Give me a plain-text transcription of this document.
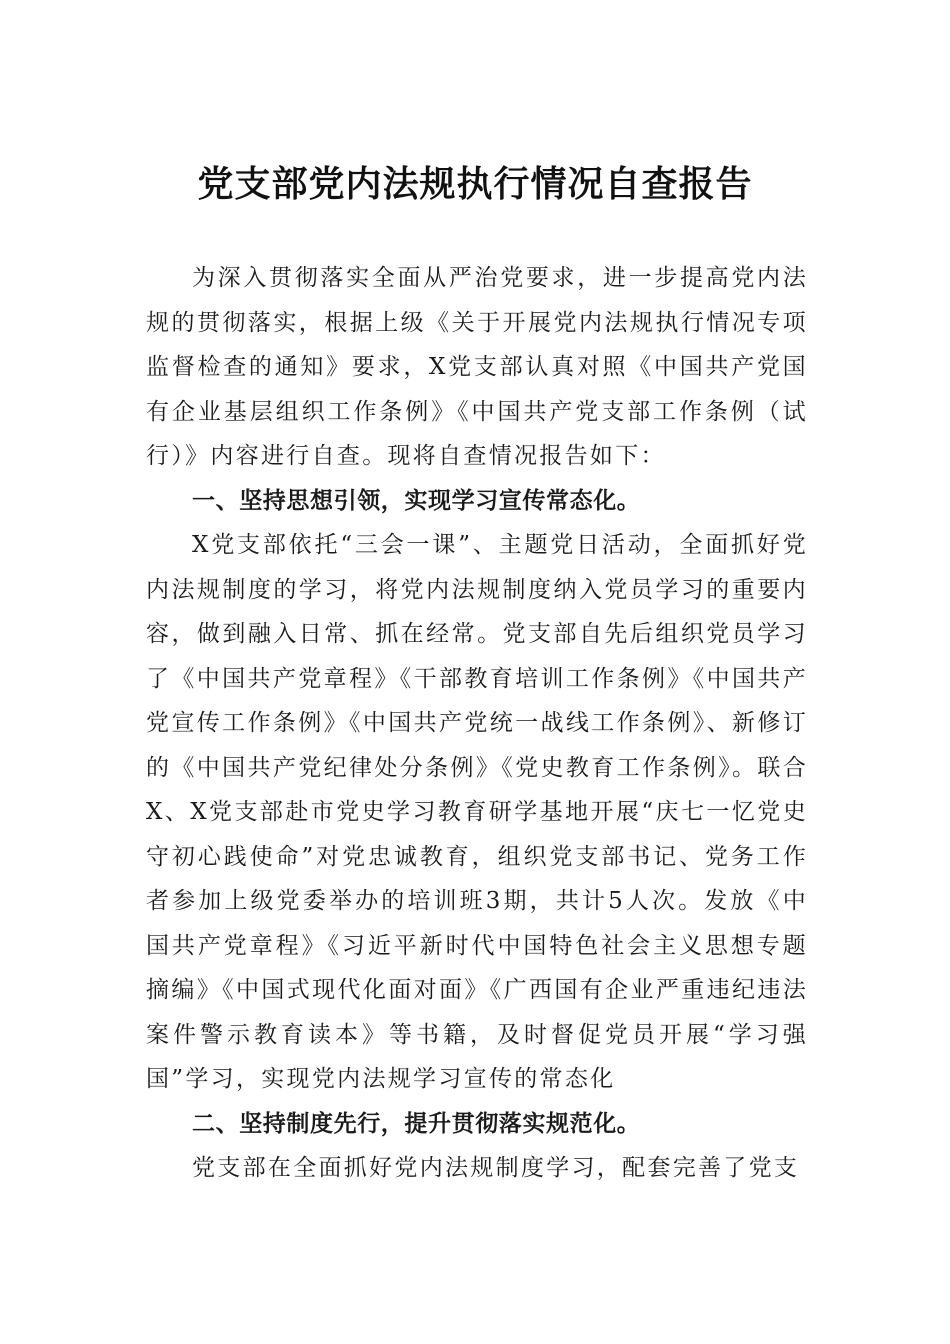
党支部党内法规执行情况自查报告

为深入贯彻落实全面从严治党要求，进一步提高党内法规的贯彻落实，根据上级《关于开展党内法规执行情况专项监督检查的通知》要求，X党支部认真对照《中国共产党国有企业基层组织工作条例》《中国共产党支部工作条例（试行）》内容进行自查。现将自查情况报告如下：

一、坚持思想引领，实现学习宣传常态化。

X党支部依托“三会一课”、主题党日活动，全面抓好党内法规制度的学习，将党内法规制度纳入党员学习的重要内容，做到融入日常、抓在经常。党支部自先后组织党员学习了《中国共产党章程》《干部教育培训工作条例》《中国共产党宣传工作条例》《中国共产党统一战线工作条例》、新修订的《中国共产党纪律处分条例》《党史教育工作条例》。联合X、X党支部赴市党史学习教育研学基地开展“庆七一忆党史守初心践使命”对党忠诚教育，组织党支部书记、党务工作者参加上级党委举办的培训班3期，共计5人次。发放《中国共产党章程》《习近平新时代中国特色社会主义思想专题摘编》《中国式现代化面对面》《广西国有企业严重违纪违法案件警示教育读本》等书籍，及时督促党员开展“学习强国”学习，实现党内法规学习宣传的常态化

二、坚持制度先行，提升贯彻落实规范化。

党支部在全面抓好党内法规制度学习，配套完善了党支
